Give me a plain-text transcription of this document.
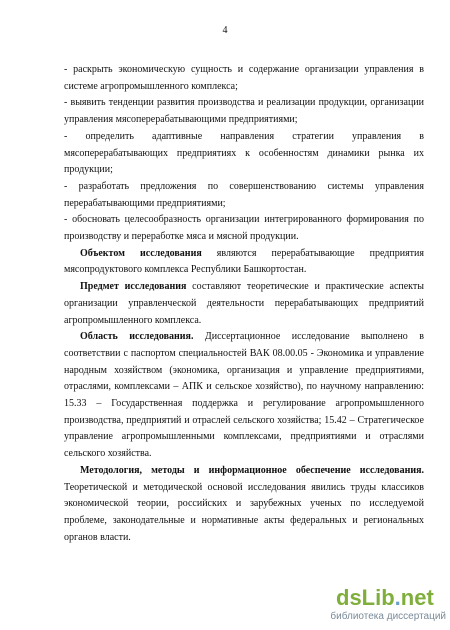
4

- раскрыть экономическую сущность и содержание организации управления в системе агропромышленного комплекса;

- выявить тенденции развития производства и реализации продукции, организации управления мясоперерабатывающими предприятиями;

- определить адаптивные направления стратегии управления в мясоперерабатывающих предприятиях к особенностям динамики рынка их продукции;

- разработать предложения по совершенствованию системы управления перерабатывающими предприятиями;

- обосновать целесообразность организации интегрированного формирования по производству и переработке мяса и мясной продукции.

Объектом исследования являются перерабатывающие предприятия мясопродуктового комплекса Республики Башкортостан.

Предмет исследования составляют теоретические и практические аспекты организации управленческой деятельности перерабатывающих предприятий агропромышленного комплекса.

Область исследования. Диссертационное исследование выполнено в соответствии с паспортом специальностей ВАК 08.00.05 - Экономика и управление народным хозяйством (экономика, организация и управление предприятиями, отраслями, комплексами – АПК и сельское хозяйство), по научному направлению: 15.33 – Государственная поддержка и регулирование агропромышленного производства, предприятий и отраслей сельского хозяйства; 15.42 – Стратегическое управление агропромышленными комплексами, предприятиями и отраслями сельского хозяйства.

Методология, методы и информационное обеспечение исследования. Теоретической и методической основой исследования явились труды классиков экономической теории, российских и зарубежных ученых по исследуемой проблеме, законодательные и нормативные акты федеральных и региональных органов власти.

dsLib.net
библиотека диссертаций
